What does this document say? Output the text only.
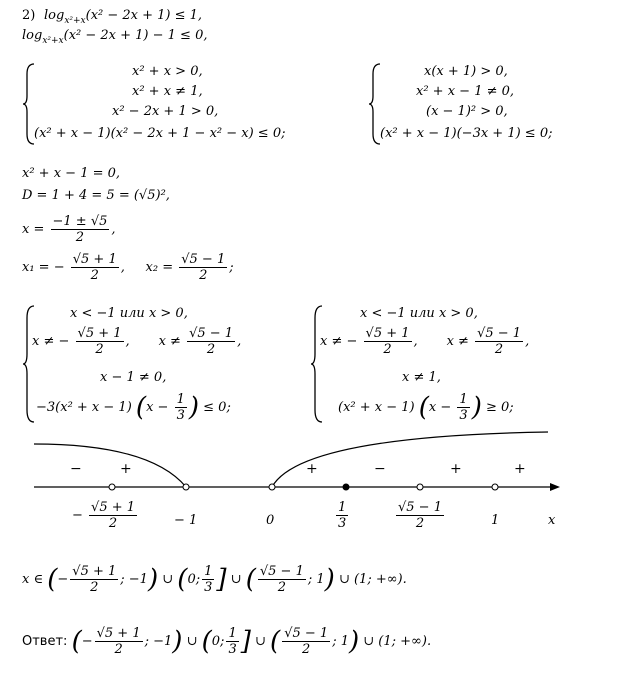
2) $\log_{x^2+x}(x^2 - 2x + 1) \le 1$,
$\log_{x^2+x}(x^2 - 2x + 1) - 1 \le 0$,
x² + x > 0,
x² + x ≠ 1,
x² − 2x + 1 > 0,
(x² + x − 1)(x² − 2x + 1 − x² − x) ≤ 0;
x(x + 1) > 0,
x² + x − 1 ≠ 0,
(x − 1)² > 0,
(x² + x − 1)(−3x + 1) ≤ 0;
x² + x − 1 = 0,
D = 1 + 4 = 5 = (√5)²,
$x = \frac{-1 \pm √5}{2}$ ,
x₁ = − $\frac{√5 + 1}{2}$ ,     $x_2 = \frac{√5 - 1}{2}$ ;
x < −1 или x > 0,
x ≠ − $\frac{√5 + 1}{2}$ ,       $x \ne \frac{√5 - 1}{2}$ ,
x − 1 ≠ 0,
−3(x² + x − 1) ($x - \frac{1}{3}$ ) ≤ 0;
x < −1 или x > 0,
x ≠ − $\frac{√5 + 1}{2}$ ,       $x \ne \frac{√5 - 1}{2}$ ,
x ≠ 1,
(x² + x − 1) ($x - \frac{1}{3}$ ) ≥ 0;
−	+	+	−	+	+
− $\frac{√5 + 1}{2}$	− 1	0	$\frac{1}{3}$	$\frac{√5 - 1}{2}$	1	x
x ∈ (− $\frac{√5 + 1}{2}$ ; −1) ∪ (0; $\frac{1}{3}$ ] ∪ ( $\frac{√5 - 1}{2}$ ; 1) ∪ (1; +∞).
Ответ: (− $\frac{√5 + 1}{2}$ ; −1) ∪ (0; $\frac{1}{3}$ ] ∪ ( $\frac{√5 - 1}{2}$ ; 1) ∪ (1; +∞).
